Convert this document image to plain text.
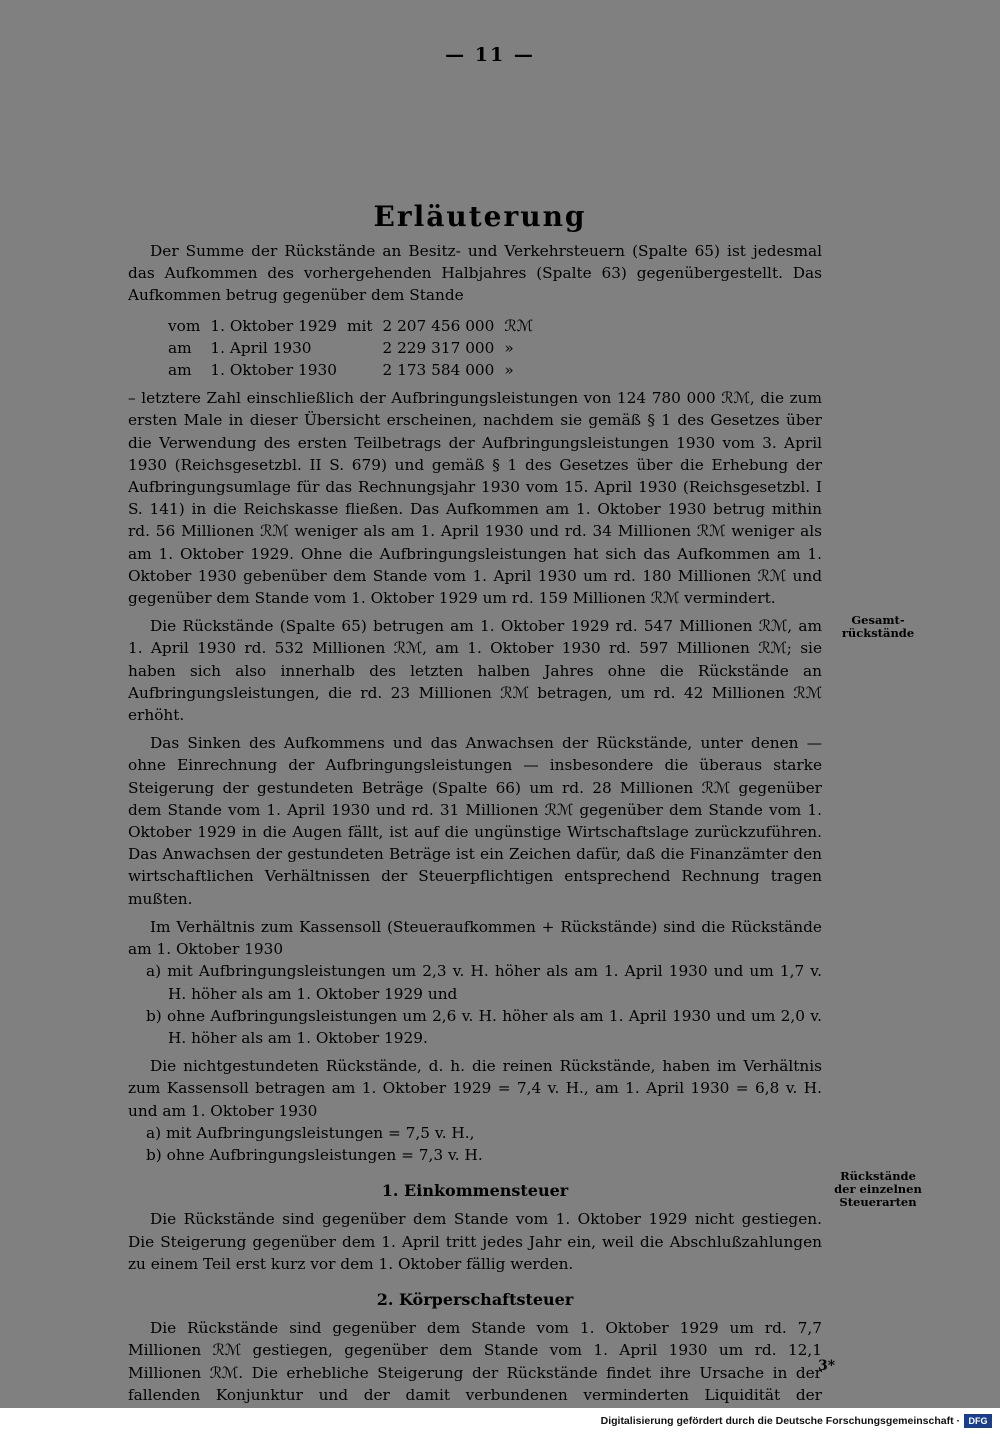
— 11 —
Erläuterung

Der Summe der Rückstände an Besitz- und Verkehrsteuern (Spalte 65) ist jedesmal das Aufkommen des vorhergehenden Halbjahres (Spalte 63) gegenübergestellt. Das Aufkommen betrug gegenüber dem Stande

vom	1. Oktober 1929	mit	2 207 456 000	ℛℳ
am	1. April 1930		2 229 317 000	»
am	1. Oktober 1930		2 173 584 000	»

– letztere Zahl einschließlich der Aufbringungsleistungen von 124 780 000 ℛℳ, die zum ersten Male in dieser Übersicht erscheinen, nachdem sie gemäß § 1 des Gesetzes über die Verwendung des ersten Teilbetrags der Aufbringungsleistungen 1930 vom 3. April 1930 (Reichsgesetzbl. II S. 679) und gemäß § 1 des Gesetzes über die Erhebung der Aufbringungsumlage für das Rechnungsjahr 1930 vom 15. April 1930 (Reichsgesetzbl. I S. 141) in die Reichskasse fließen. Das Aufkommen am 1. Oktober 1930 betrug mithin rd. 56 Millionen ℛℳ weniger als am 1. April 1930 und rd. 34 Millionen ℛℳ weniger als am 1. Oktober 1929. Ohne die Aufbringungsleistungen hat sich das Aufkommen am 1. Oktober 1930 gebenüber dem Stande vom 1. April 1930 um rd. 180 Millionen ℛℳ und gegenüber dem Stande vom 1. Oktober 1929 um rd. 159 Millionen ℛℳ vermindert.

Die Rückstände (Spalte 65) betrugen am 1. Oktober 1929 rd. 547 Millionen ℛℳ, am 1. April 1930 rd. 532 Millionen ℛℳ, am 1. Oktober 1930 rd. 597 Millionen ℛℳ; sie haben sich also innerhalb des letzten halben Jahres ohne die Rückstände an Aufbringungsleistungen, die rd. 23 Millionen ℛℳ betragen, um rd. 42 Millionen ℛℳ erhöht.

Das Sinken des Aufkommens und das Anwachsen der Rückstände, unter denen — ohne Einrechnung der Aufbringungsleistungen — insbesondere die überaus starke Steigerung der gestundeten Beträge (Spalte 66) um rd. 28 Millionen ℛℳ gegenüber dem Stande vom 1. April 1930 und rd. 31 Millionen ℛℳ gegenüber dem Stande vom 1. Oktober 1929 in die Augen fällt, ist auf die ungünstige Wirtschaftslage zurückzuführen. Das Anwachsen der gestundeten Beträge ist ein Zeichen dafür, daß die Finanzämter den wirtschaftlichen Verhältnissen der Steuerpflichtigen entsprechend Rechnung tragen mußten.

Im Verhältnis zum Kassensoll (Steueraufkommen + Rückstände) sind die Rückstände am 1. Oktober 1930

a) mit Aufbringungsleistungen um 2,3 v. H. höher als am 1. April 1930 und um 1,7 v. H. höher als am 1. Oktober 1929 und

b) ohne Aufbringungsleistungen um 2,6 v. H. höher als am 1. April 1930 und um 2,0 v. H. höher als am 1. Oktober 1929.

Die nichtgestundeten Rückstände, d. h. die reinen Rückstände, haben im Verhältnis zum Kassensoll betragen am 1. Oktober 1929 = 7,4 v. H., am 1. April 1930 = 6,8 v. H. und am 1. Oktober 1930

a) mit Aufbringungsleistungen = 7,5 v. H.,

b) ohne Aufbringungsleistungen = 7,3 v. H.

1. Einkommensteuer

Die Rückstände sind gegenüber dem Stande vom 1. Oktober 1929 nicht gestiegen. Die Steigerung gegenüber dem 1. April tritt jedes Jahr ein, weil die Abschlußzahlungen zu einem Teil erst kurz vor dem 1. Oktober fällig werden.

2. Körperschaftsteuer

Die Rückstände sind gegenüber dem Stande vom 1. Oktober 1929 um rd. 7,7 Millionen ℛℳ gestiegen, gegenüber dem Stande vom 1. April 1930 um rd. 12,1 Millionen ℛℳ. Die erhebliche Steigerung der Rückstände findet ihre Ursache in der fallenden Konjunktur und der damit verbundenen verminderten Liquidität der

Gesamt-
rückstände
Rückstände
der einzelnen
Steuerarten
3*
Digitalisierung gefördert durch die Deutsche Forschungsgemeinschaft · DFG
